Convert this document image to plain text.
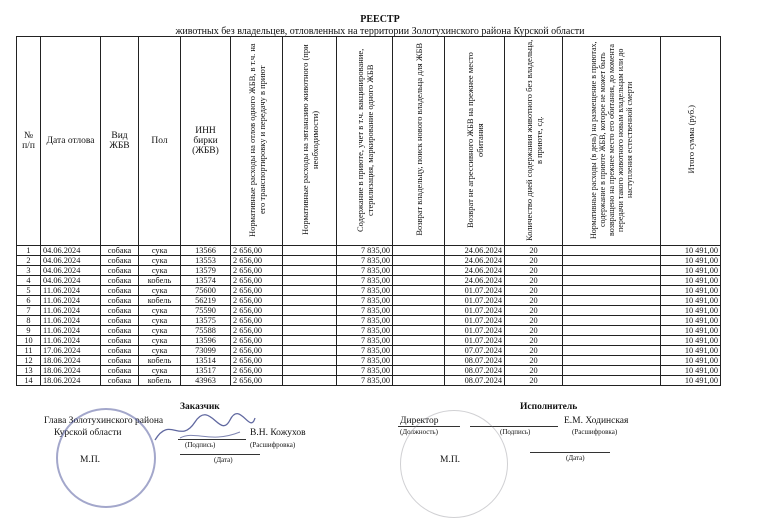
РЕЕСТР
животных без владельцев, отловленных на территории Золотухинского района Курской области
№ п/п	Дата отлова	Вид ЖБВ	Пол	ИНН бирки (ЖБВ)	Нормативные расходы на отлов одного ЖБВ, в т.ч. на его транспортировку и передачу в приют	Нормативные расходы на эвтаназию животного (при необходимости)	Содержание в приюте, учет в т.ч. вакцинирование, стерилизация, маркирование одного ЖБВ	Возврат владельцу, поиск нового владельца для ЖБВ	Возврат не агрессивного ЖБВ на прежнее место обитания	Количество дней содержания животного без владельца, в приюте, сд.	Нормативные расходы (в день) на размещение в приютах, содержание в приюте ЖБВ, которое не может быть возвращено на прежнее место его обитания, до момента передачи такого животного новым владельцам или до наступления естественной смерти	Итого сумма (руб.)
1	04.06.2024	собака	сука	13566	2 656,00		7 835,00		24.06.2024	20		10 491,00
2	04.06.2024	собака	сука	13553	2 656,00		7 835,00		24.06.2024	20		10 491,00
3	04.06.2024	собака	сука	13579	2 656,00		7 835,00		24.06.2024	20		10 491,00
4	04.06.2024	собака	кобель	13574	2 656,00		7 835,00		24.06.2024	20		10 491,00
5	11.06.2024	собака	сука	75600	2 656,00		7 835,00		01.07.2024	20		10 491,00
6	11.06.2024	собака	кобель	56219	2 656,00		7 835,00		01.07.2024	20		10 491,00
7	11.06.2024	собака	сука	75590	2 656,00		7 835,00		01.07.2024	20		10 491,00
8	11.06.2024	собака	сука	13575	2 656,00		7 835,00		01.07.2024	20		10 491,00
9	11.06.2024	собака	сука	75588	2 656,00		7 835,00		01.07.2024	20		10 491,00
10	11.06.2024	собака	сука	13596	2 656,00		7 835,00		01.07.2024	20		10 491,00
11	17.06.2024	собака	сука	73099	2 656,00		7 835,00		07.07.2024	20		10 491,00
12	18.06.2024	собака	кобель	13514	2 656,00		7 835,00		08.07.2024	20		10 491,00
13	18.06.2024	собака	сука	13517	2 656,00		7 835,00		08.07.2024	20		10 491,00
14	18.06.2024	собака	кобель	43963	2 656,00		7 835,00		08.07.2024	20		10 491,00
Заказчик
Глава Золотухинского района
Курской области	В.Н. Кожухов
(Подпись)	(Расшифровка)
(Дата)
М.П.
Исполнитель
Директор	Е.М. Ходинская
(Должность)	(Подпись)	(Расшифровка)
(Дата)
М.П.
